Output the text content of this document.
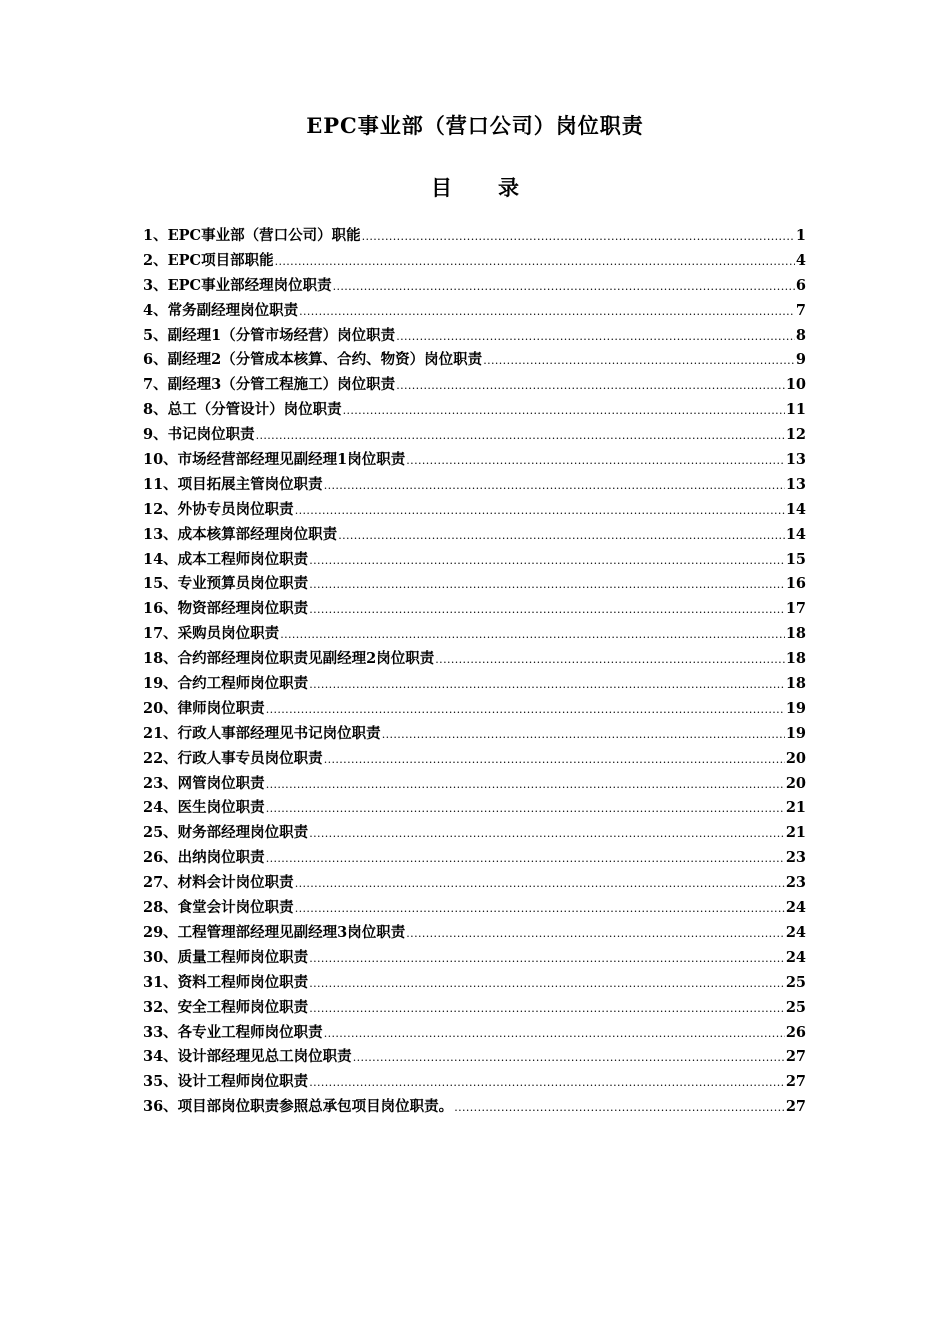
EPC事业部（营口公司）岗位职责
目 录
1、EPC事业部（营口公司）职能 .....	1
2、EPC项目部职能 .....	4
3、EPC事业部经理岗位职责 .....	6
4、常务副经理岗位职责 .....	7
5、副经理1（分管市场经营）岗位职责 .....	8
6、副经理2（分管成本核算、合约、物资）岗位职责 .....	9
7、副经理3（分管工程施工）岗位职责 .....	10
8、总工（分管设计）岗位职责 .....	11
9、书记岗位职责 .....	12
10、市场经营部经理见副经理1岗位职责 .....	13
11、项目拓展主管岗位职责 .....	13
12、外协专员岗位职责 .....	14
13、成本核算部经理岗位职责 .....	14
14、成本工程师岗位职责 .....	15
15、专业预算员岗位职责 .....	16
16、物资部经理岗位职责 .....	17
17、采购员岗位职责 .....	18
18、合约部经理岗位职责见副经理2岗位职责 .....	18
19、合约工程师岗位职责 .....	18
20、律师岗位职责 .....	19
21、行政人事部经理见书记岗位职责 .....	19
22、行政人事专员岗位职责 .....	20
23、网管岗位职责 .....	20
24、医生岗位职责 .....	21
25、财务部经理岗位职责 .....	21
26、出纳岗位职责 .....	23
27、材料会计岗位职责 .....	23
28、食堂会计岗位职责 .....	24
29、工程管理部经理见副经理3岗位职责 .....	24
30、质量工程师岗位职责 .....	24
31、资料工程师岗位职责 .....	25
32、安全工程师岗位职责 .....	25
33、各专业工程师岗位职责 .....	26
34、设计部经理见总工岗位职责 .....	27
35、设计工程师岗位职责 .....	27
36、项目部岗位职责参照总承包项目岗位职责。 .....	27
